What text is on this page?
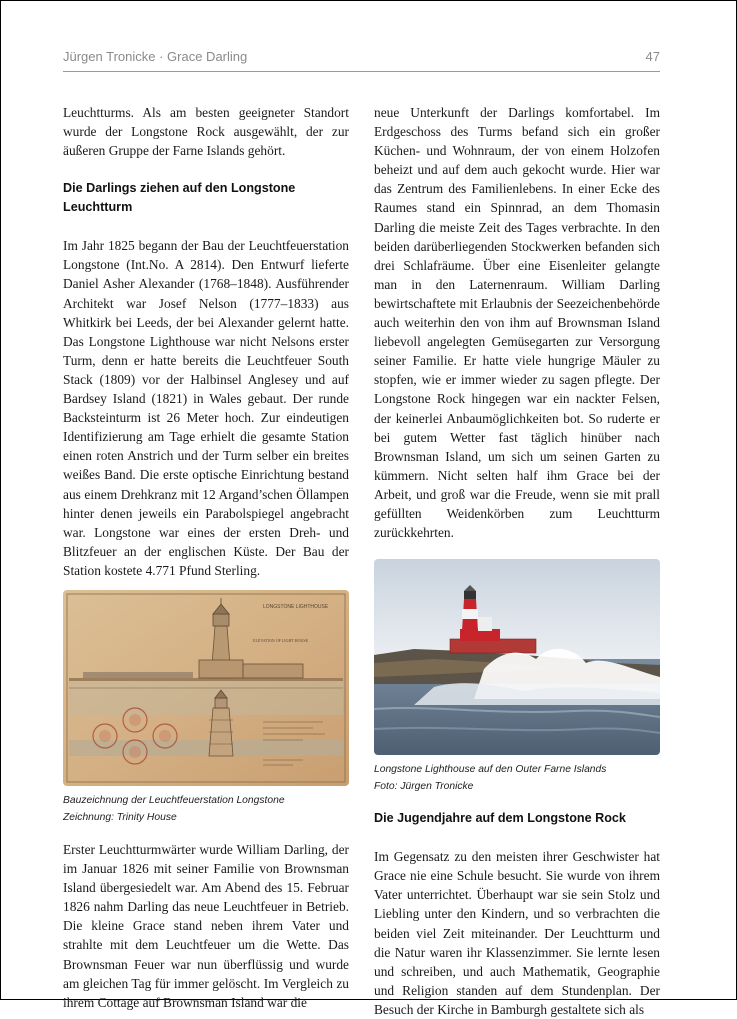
Jürgen Tronicke · Grace Darling	47

Leuchtturms. Als am besten geeigneter Standort wurde der Longstone Rock ausgewählt, der zur äußeren Gruppe der Farne Islands gehört.

Die Darlings ziehen auf den Longstone Leuchtturm

Im Jahr 1825 begann der Bau der Leuchtfeuerstation Longstone (Int.No. A 2814). Den Entwurf lieferte Daniel Asher Alexander (1768–1848). Ausführender Architekt war Josef Nelson (1777–1833) aus Whitkirk bei Leeds, der bei Alexander gelernt hatte. Das Longstone Lighthouse war nicht Nelsons erster Turm, denn er hatte bereits die Leuchtfeuer South Stack (1809) vor der Halbinsel Anglesey und auf Bardsey Island (1821) in Wales gebaut. Der runde Backsteinturm ist 26 Meter hoch. Zur eindeutigen Identifizierung am Tage erhielt die gesamte Station einen roten Anstrich und der Turm selber ein breites weißes Band. Die erste optische Einrichtung bestand aus einem Drehkranz mit 12 Argand’schen Öllampen hinter denen jeweils ein Parabolspiegel angebracht war. Longstone war eines der ersten Dreh- und Blitzfeuer an der englischen Küste. Der Bau der Station kostete 4.771 Pfund Sterling.

LONGSTONE LIGHTHOUSE
ELEVATION OF LIGHT HOUSE
Bauzeichnung der Leuchtfeuerstation Longstone
Zeichnung: Trinity House

Erster Leuchtturmwärter wurde William Darling, der im Januar 1826 mit seiner Familie von Brownsman Island übergesiedelt war. Am Abend des 15. Februar 1826 nahm Darling das neue Leuchtfeuer in Betrieb. Die kleine Grace stand neben ihrem Vater und strahlte mit dem Leuchtfeuer um die Wette. Das Brownsman Feuer war nun überflüssig und wurde am gleichen Tag für immer gelöscht. Im Vergleich zu ihrem Cottage auf Brownsman Island war die

neue Unterkunft der Darlings komfortabel. Im Erdgeschoss des Turms befand sich ein großer Küchen- und Wohnraum, der von einem Holzofen beheizt und auf dem auch gekocht wurde. Hier war das Zentrum des Familienlebens. In einer Ecke des Raumes stand ein Spinnrad, an dem Thomasin Darling die meiste Zeit des Tages verbrachte. In den beiden darüberliegenden Stockwerken befanden sich drei Schlafräume. Über eine Eisenleiter gelangte man in den Laternenraum. William Darling bewirtschaftete mit Erlaubnis der Seezeichenbehörde auch weiterhin den von ihm auf Brownsman Island liebevoll angelegten Gemüsegarten zur Versorgung seiner Familie. Er hatte viele hungrige Mäuler zu stopfen, wie er immer wieder zu sagen pflegte. Der Longstone Rock hingegen war ein nackter Felsen, der keinerlei Anbaumöglichkeiten bot. So ruderte er bei gutem Wetter fast täglich hinüber nach Brownsman Island, um sich um seinen Garten zu kümmern. Nicht selten half ihm Grace bei der Arbeit, und groß war die Freude, wenn sie mit prall gefüllten Weidenkörben zum Leuchtturm zurückkehrten.

Longstone Lighthouse auf den Outer Farne Islands
Foto: Jürgen Tronicke
Die Jugendjahre auf dem Longstone Rock

Im Gegensatz zu den meisten ihrer Geschwister hat Grace nie eine Schule besucht. Sie wurde von ihrem Vater unterrichtet. Überhaupt war sie sein Stolz und Liebling unter den Kindern, und so verbrachten die beiden viel Zeit miteinander. Der Leuchtturm und die Natur waren ihr Klassenzimmer. Sie lernte lesen und schreiben, und auch Mathematik, Geographie und Religion standen auf dem Stundenplan. Der Besuch der Kirche in Bamburgh gestaltete sich als
